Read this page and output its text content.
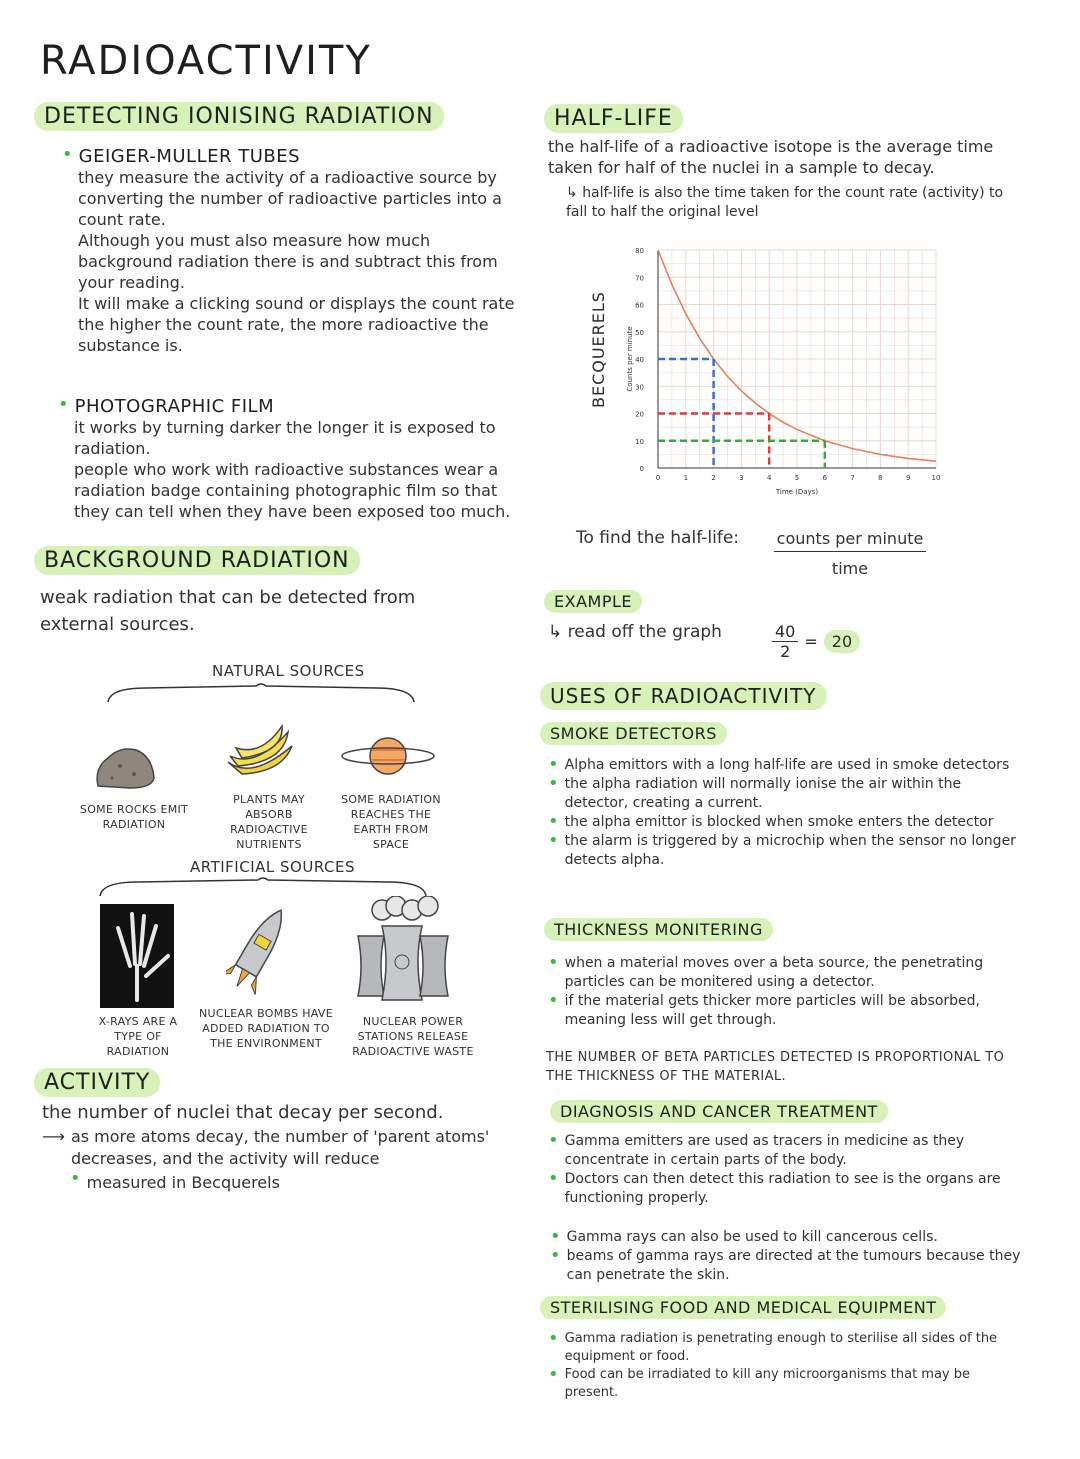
RADIOACTIVITY
DETECTING IONISING RADIATION
• GEIGER-MULLER TUBES
they measure the activity of a radioactive source by converting the number of radioactive particles into a count rate.
Although you must also measure how much background radiation there is and subtract this from your reading.
It will make a clicking sound or displays the count rate
the higher the count rate, the more radioactive the substance is.
• PHOTOGRAPHIC FILM
it works by turning darker the longer it is exposed to radiation.
people who work with radioactive substances wear a radiation badge containing photographic film so that they can tell when they have been exposed too much.
BACKGROUND RADIATION
weak radiation that can be detected from external sources.
NATURAL SOURCES
SOME ROCKS EMIT RADIATION
PLANTS MAY ABSORB RADIOACTIVE NUTRIENTS
SOME RADIATION REACHES THE EARTH FROM SPACE
ARTIFICIAL SOURCES
X-RAYS ARE A TYPE OF RADIATION
NUCLEAR BOMBS HAVE ADDED RADIATION TO THE ENVIRONMENT
NUCLEAR POWER STATIONS RELEASE RADIOACTIVE WASTE
ACTIVITY
the number of nuclei that decay per second.
⟶ as more atoms decay, the number of 'parent atoms' decreases, and the activity will reduce
• measured in Becquerels
HALF-LIFE
the half-life of a radioactive isotope is the average time taken for half of the nuclei in a sample to decay.
↳ half-life is also the time taken for the count rate (activity) to fall to half the original level
BECQUERELS
0
10
20
30
40
50
60
70
80
0	1	2	3	4	5	6	7	8	9	10
Time (Days)
Counts per minute
To find the half-life: counts per minute
time
EXAMPLE
↳ read off the graph	$\frac{40}{2} = 20$
USES OF RADIOACTIVITY
SMOKE DETECTORS
• Alpha emittors with a long half-life are used in smoke detectors
• the alpha radiation will normally ionise the air within the detector, creating a current.
• the alpha emittor is blocked when smoke enters the detector
• the alarm is triggered by a microchip when the sensor no longer detects alpha.
THICKNESS MONITERING
• when a material moves over a beta source, the penetrating particles can be monitered using a detector.
• if the material gets thicker more particles will be absorbed, meaning less will get through.
THE NUMBER OF BETA PARTICLES DETECTED IS PROPORTIONAL TO THE THICKNESS OF THE MATERIAL.
DIAGNOSIS AND CANCER TREATMENT
• Gamma emitters are used as tracers in medicine as they concentrate in certain parts of the body.
• Doctors can then detect this radiation to see is the organs are functioning properly.
• Gamma rays can also be used to kill cancerous cells.
• beams of gamma rays are directed at the tumours because they can penetrate the skin.
STERILISING FOOD AND MEDICAL EQUIPMENT
• Gamma radiation is penetrating enough to sterilise all sides of the equipment or food.
• Food can be irradiated to kill any microorganisms that may be present.
